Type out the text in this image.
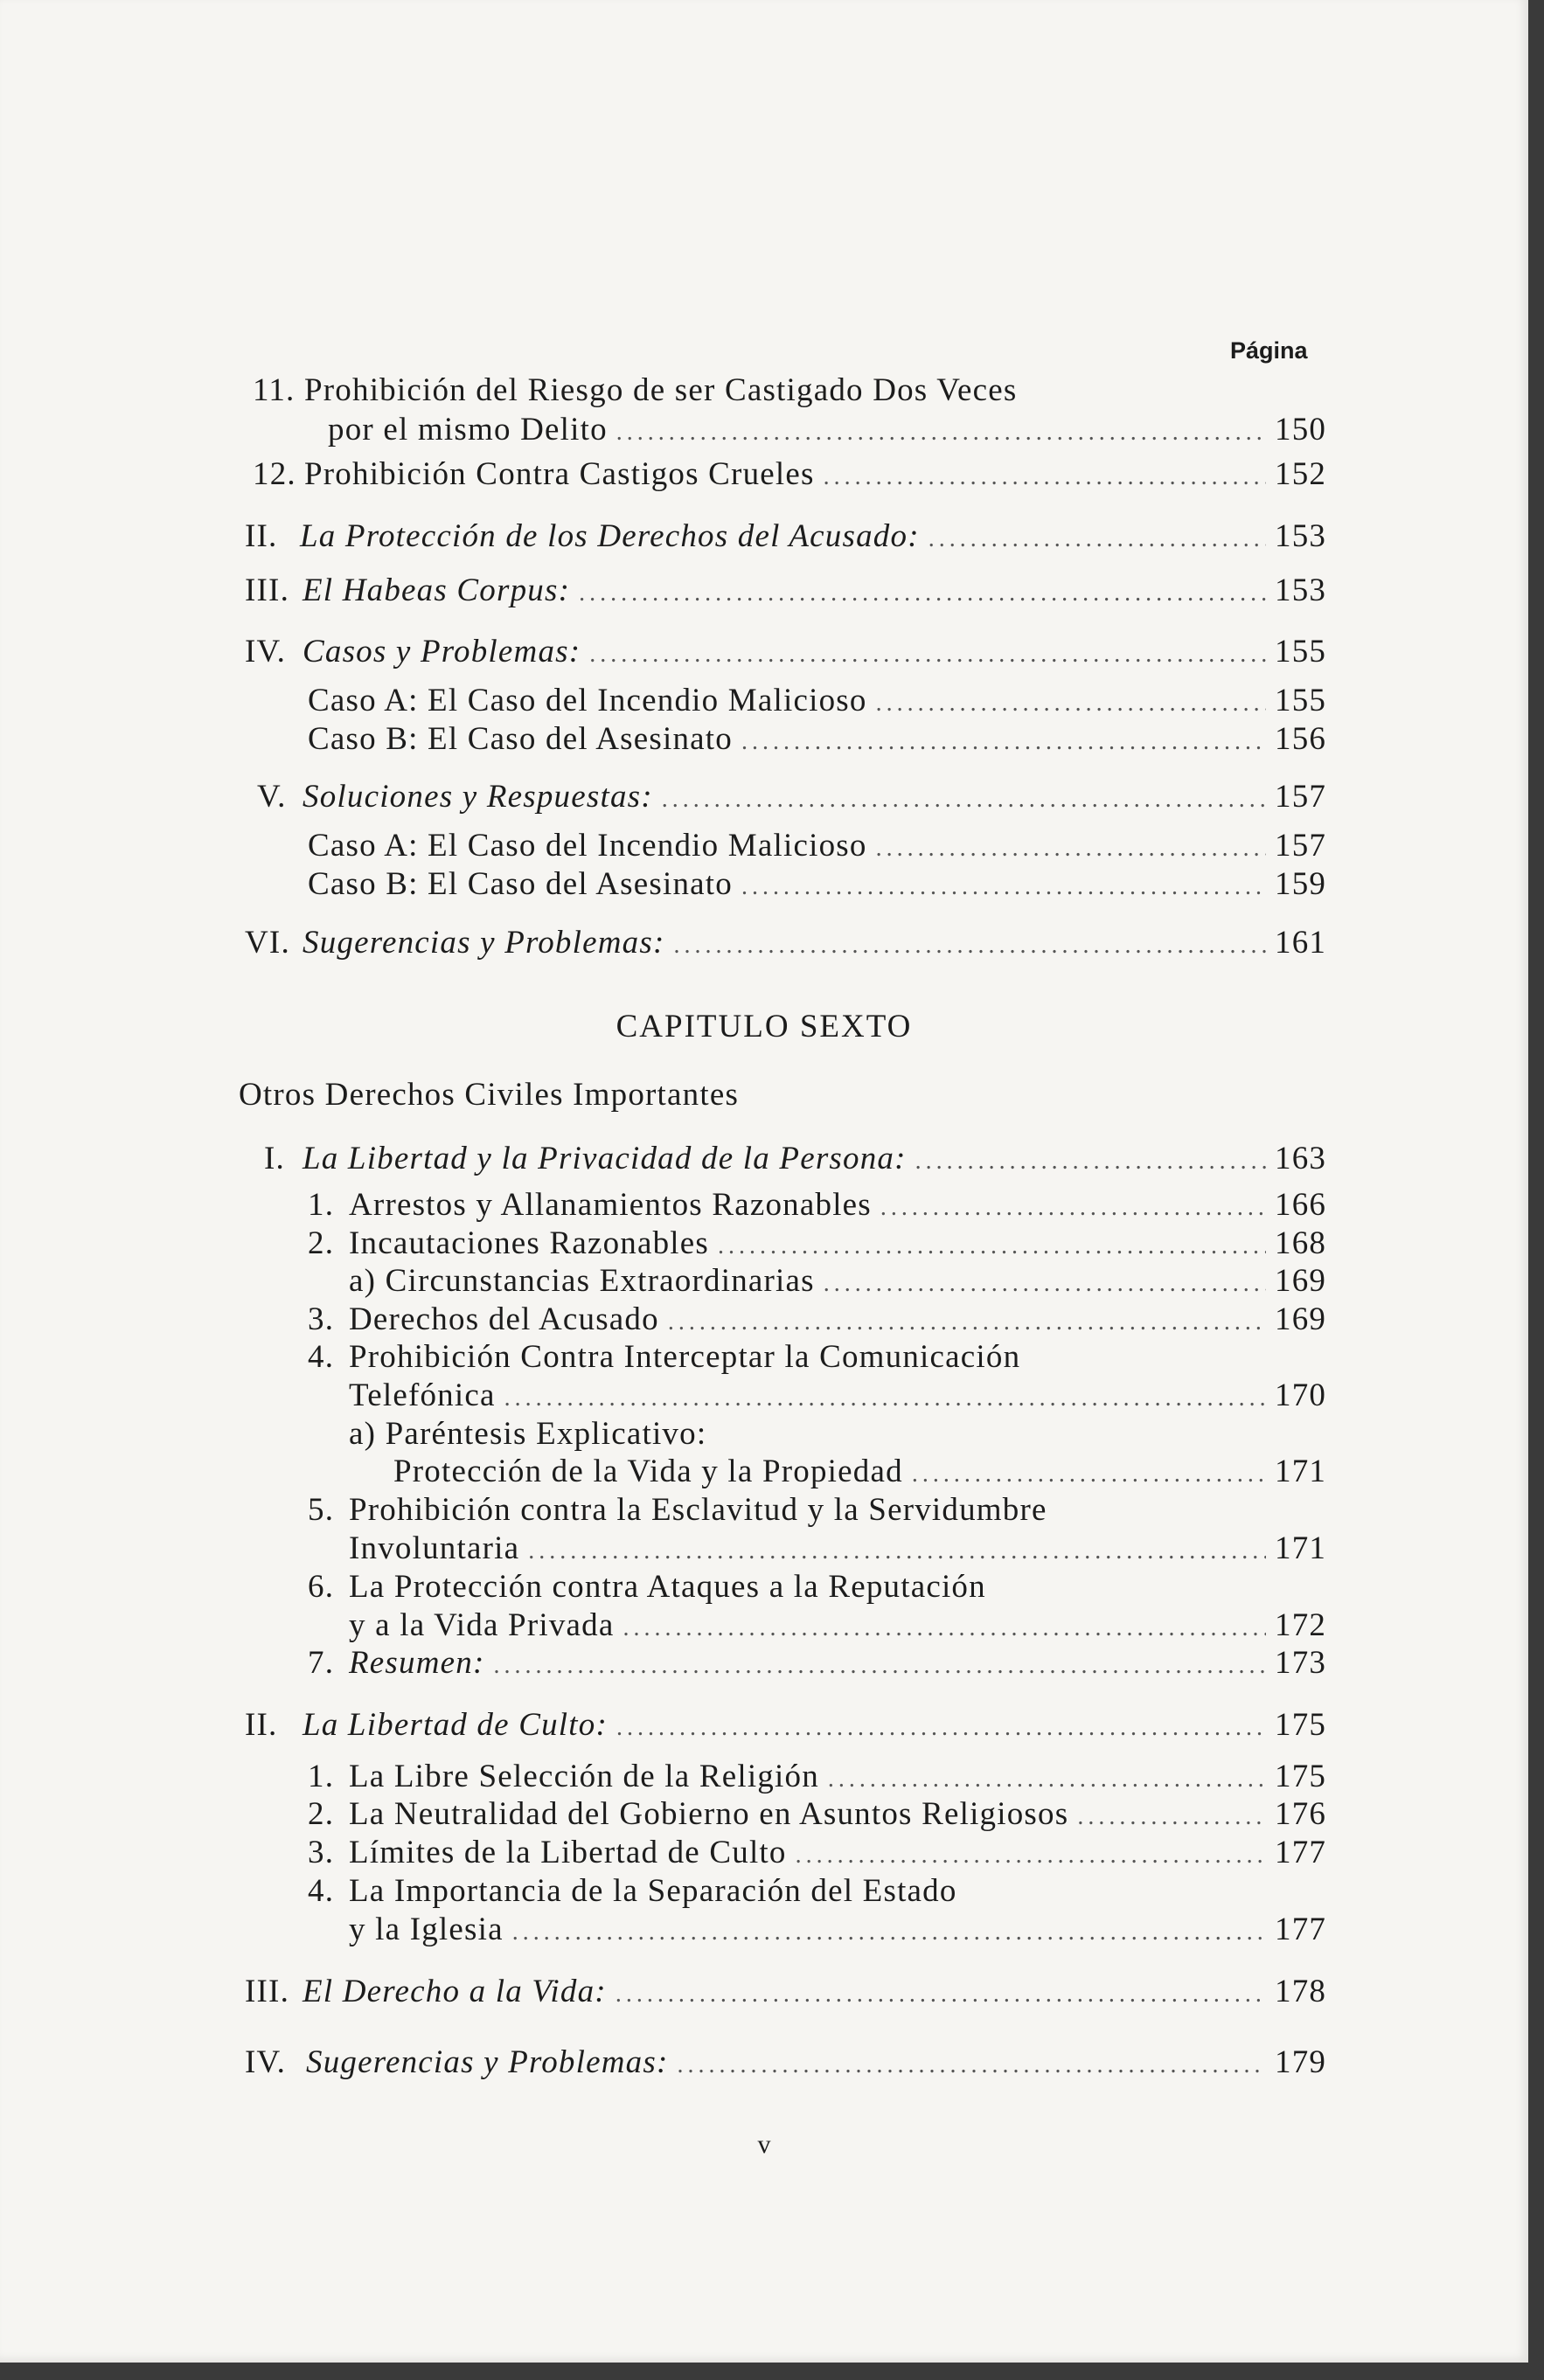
Página
11. Prohibición del Riesgo de ser Castigado Dos Veces
por el mismo Delito .....	150
12. Prohibición Contra Castigos Crueles .....	152
II. La Protección de los Derechos del Acusado: .....	153
III. El Habeas Corpus: .....	153
IV. Casos y Problemas: .....	155
Caso A: El Caso del Incendio Malicioso .....	155
Caso B: El Caso del Asesinato .....	156
V. Soluciones y Respuestas: .....	157
Caso A: El Caso del Incendio Malicioso .....	157
Caso B: El Caso del Asesinato .....	159
VI. Sugerencias y Problemas: .....	161
CAPITULO SEXTO
Otros Derechos Civiles Importantes
I. La Libertad y la Privacidad de la Persona: .....	163
1. Arrestos y Allanamientos Razonables .....	166
2. Incautaciones Razonables .....	168
a) Circunstancias Extraordinarias .....	169
3. Derechos del Acusado .....	169
4. Prohibición Contra Interceptar la Comunicación
Telefónica .....	170
a) Paréntesis Explicativo:
Protección de la Vida y la Propiedad .....	171
5. Prohibición contra la Esclavitud y la Servidumbre
Involuntaria .....	171
6. La Protección contra Ataques a la Reputación
y a la Vida Privada .....	172
7. Resumen: .....	173
II. La Libertad de Culto: .....	175
1. La Libre Selección de la Religión .....	175
2. La Neutralidad del Gobierno en Asuntos Religiosos .....	176
3. Límites de la Libertad de Culto .....	177
4. La Importancia de la Separación del Estado
y la Iglesia .....	177
III. El Derecho a la Vida: .....	178
IV. Sugerencias y Problemas: .....	179
v
